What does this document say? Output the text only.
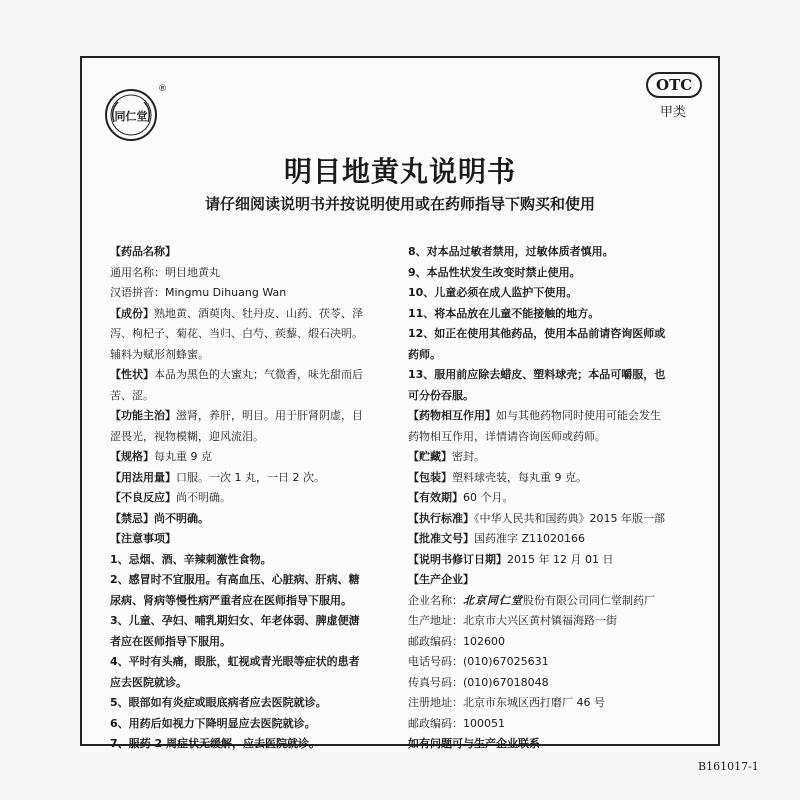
同仁堂
®	OTC
甲类
明目地黄丸说明书
请仔细阅读说明书并按说明使用或在药师指导下购买和使用
【药品名称】
通用名称：明目地黄丸
汉语拼音：Mingmu Dihuang Wan
【成份】熟地黄、酒萸肉、牡丹皮、山药、茯苓、泽
泻、枸杞子、菊花、当归、白芍、蒺藜、煅石决明。
辅料为赋形剂蜂蜜。
【性状】本品为黑色的大蜜丸；气微香，味先甜而后
苦、涩。
【功能主治】滋肾，养肝，明目。用于肝肾阴虚，目
涩畏光，视物模糊，迎风流泪。
【规格】每丸重 9 克
【用法用量】口服。一次 1 丸，一日 2 次。
【不良反应】尚不明确。
【禁忌】尚不明确。
【注意事项】
1、忌烟、酒、辛辣刺激性食物。
2、感冒时不宜服用。有高血压、心脏病、肝病、糖
尿病、肾病等慢性病严重者应在医师指导下服用。
3、儿童、孕妇、哺乳期妇女、年老体弱、脾虚便溏
者应在医师指导下服用。
4、平时有头痛，眼胀，虹视或青光眼等症状的患者
应去医院就诊。
5、眼部如有炎症或眼底病者应去医院就诊。
6、用药后如视力下降明显应去医院就诊。
7、服药 2 周症状无缓解，应去医院就诊。
8、对本品过敏者禁用，过敏体质者慎用。
9、本品性状发生改变时禁止使用。
10、儿童必须在成人监护下使用。
11、将本品放在儿童不能接触的地方。
12、如正在使用其他药品，使用本品前请咨询医师或
药师。
13、服用前应除去蜡皮、塑料球壳；本品可嚼服，也
可分份吞服。
【药物相互作用】如与其他药物同时使用可能会发生
药物相互作用，详情请咨询医师或药师。
【贮藏】密封。
【包装】塑料球壳装，每丸重 9 克。
【有效期】60 个月。
【执行标准】《中华人民共和国药典》2015 年版一部
【批准文号】国药准字 Z11020166
【说明书修订日期】2015 年 12 月 01 日
【生产企业】
企业名称：北京同仁堂股份有限公司同仁堂制药厂
生产地址：北京市大兴区黄村镇福海路一街
邮政编码：102600
电话号码：(010)67025631
传真号码：(010)67018048
注册地址：北京市东城区西打磨厂 46 号
邮政编码：100051
如有问题可与生产企业联系
B161017-1
